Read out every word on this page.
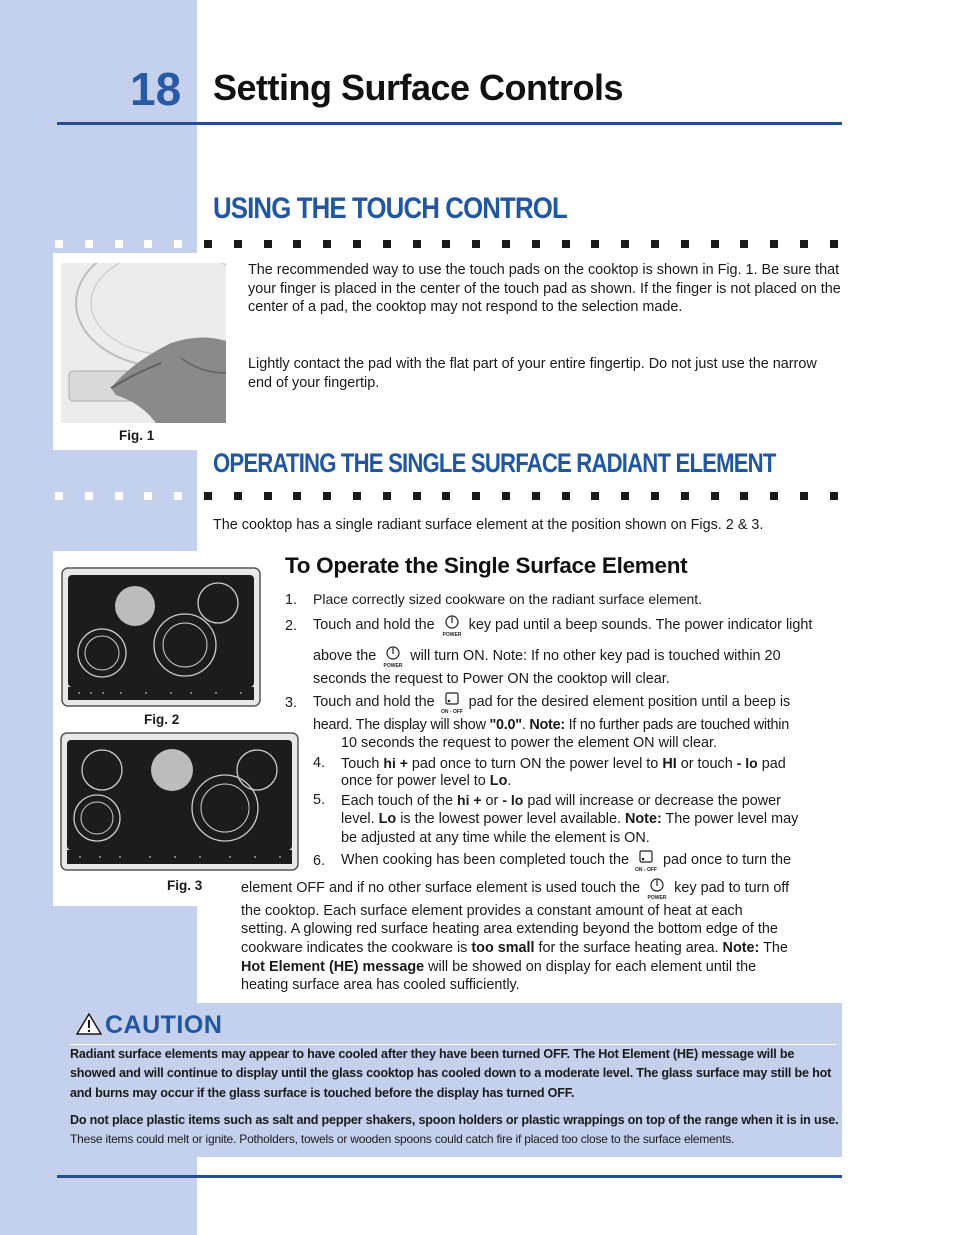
18 Setting Surface Controls
USING THE TOUCH CONTROL
Fig. 1
The recommended way to use the touch pads on the cooktop is shown in Fig. 1. Be sure that your finger is placed in the center of the touch pad as shown. If the finger is not placed on the center of a pad, the cooktop may not respond to the selection made.
Lightly contact the pad with the flat part of your entire fingertip. Do not just use the narrow end of your fingertip.
OPERATING THE SINGLE SURFACE RADIANT ELEMENT
The cooktop has a single radiant surface element at the position shown on Figs. 2 & 3.
Fig. 2
Fig. 3
To Operate the Single Surface Element
1. Place correctly sized cookware on the radiant surface element.
2. Touch and hold the
POWER
key pad until a beep sounds. The power indicator light
above the
POWER
will turn ON. Note: If no other key pad is touched within 20
seconds the request to Power ON the cooktop will clear.
3. Touch and hold the
ON - OFF
pad for the desired element position until a beep is
heard. The display will show "0.0". Note: If no further pads are touched within
10 seconds the request to power the element ON will clear.
4. Touch hi + pad once to turn ON the power level to HI or touch - lo pad
once for power level to Lo.
5. Each touch of the hi + or - lo pad will increase or decrease the power
level. Lo is the lowest power level available. Note: The power level may
be adjusted at any time while the element is ON.
6. When cooking has been completed touch the
ON - OFF
pad once to turn the
element OFF and if no other surface element is used touch the
POWER
key pad to turn off
the cooktop. Each surface element provides a constant amount of heat at each
setting. A glowing red surface heating area extending beyond the bottom edge of the
cookware indicates the cookware is too small for the surface heating area. Note: The
Hot Element (HE) message will be showed on display for each element until the
heating surface area has cooled sufficiently.
CAUTION
Radiant surface elements may appear to have cooled after they have been turned OFF. The Hot Element (HE) message will be showed and will continue to display until the glass cooktop has cooled down to a moderate level. The glass surface may still be hot and burns may occur if the glass surface is touched before the display has turned OFF.
Do not place plastic items such as salt and pepper shakers, spoon holders or plastic wrappings on top of the range when it is in use. These items could melt or ignite. Potholders, towels or wooden spoons could catch fire if placed too close to the surface elements.
